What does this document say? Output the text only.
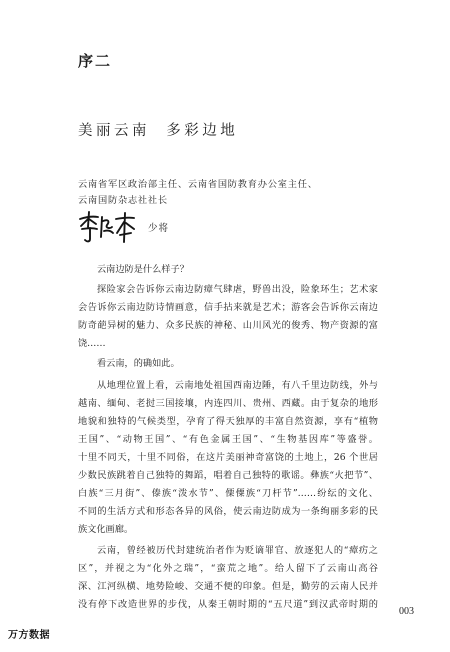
序二
美丽云南  多彩边地
云南省军区政治部主任、云南省国防教育办公室主任、
云南国防杂志社社长
少将
云南边防是什么样子？
探险家会告诉你云南边防瘴气肆虐，野兽出没，险象环生；艺术家
会告诉你云南边防诗情画意，信手拈来就是艺术；游客会告诉你云南边
防奇葩异树的魅力、众多民族的神秘、山川风光的俊秀、物产资源的富
饶……
看云南，的确如此。
从地理位置上看，云南地处祖国西南边陲，有八千里边防线，外与
越南、缅甸、老挝三国接壤，内连四川、贵州、西藏。由于复杂的地形
地貌和独特的气候类型，孕育了得天独厚的丰富自然资源，享有“植物
王国”、“动物王国”、“有色金属王国”、“生物基因库”等盛誉。
十里不同天，十里不同俗，在这片美丽神奇富饶的土地上，26 个世居
少数民族跳着自己独特的舞蹈，唱着自己独特的歌谣。彝族“火把节”、
白族“三月街”、傣族“泼水节”、傈僳族“刀杆节”……纷纭的文化、
不同的生活方式和形态各异的风俗，使云南边防成为一条绚丽多彩的民
族文化画廊。
云南，曾经被历代封建统治者作为贬谪罪官、放逐犯人的“瘴疠之
区”，并视之为“化外之瑞”，“蛮荒之地”。给人留下了云南山高谷
深、江河纵横、地势险峻、交通不便的印象。但是，勤劳的云南人民并
没有停下改造世界的步伐，从秦王朝时期的“五尺道”到汉武帝时期的
003
万方数据
